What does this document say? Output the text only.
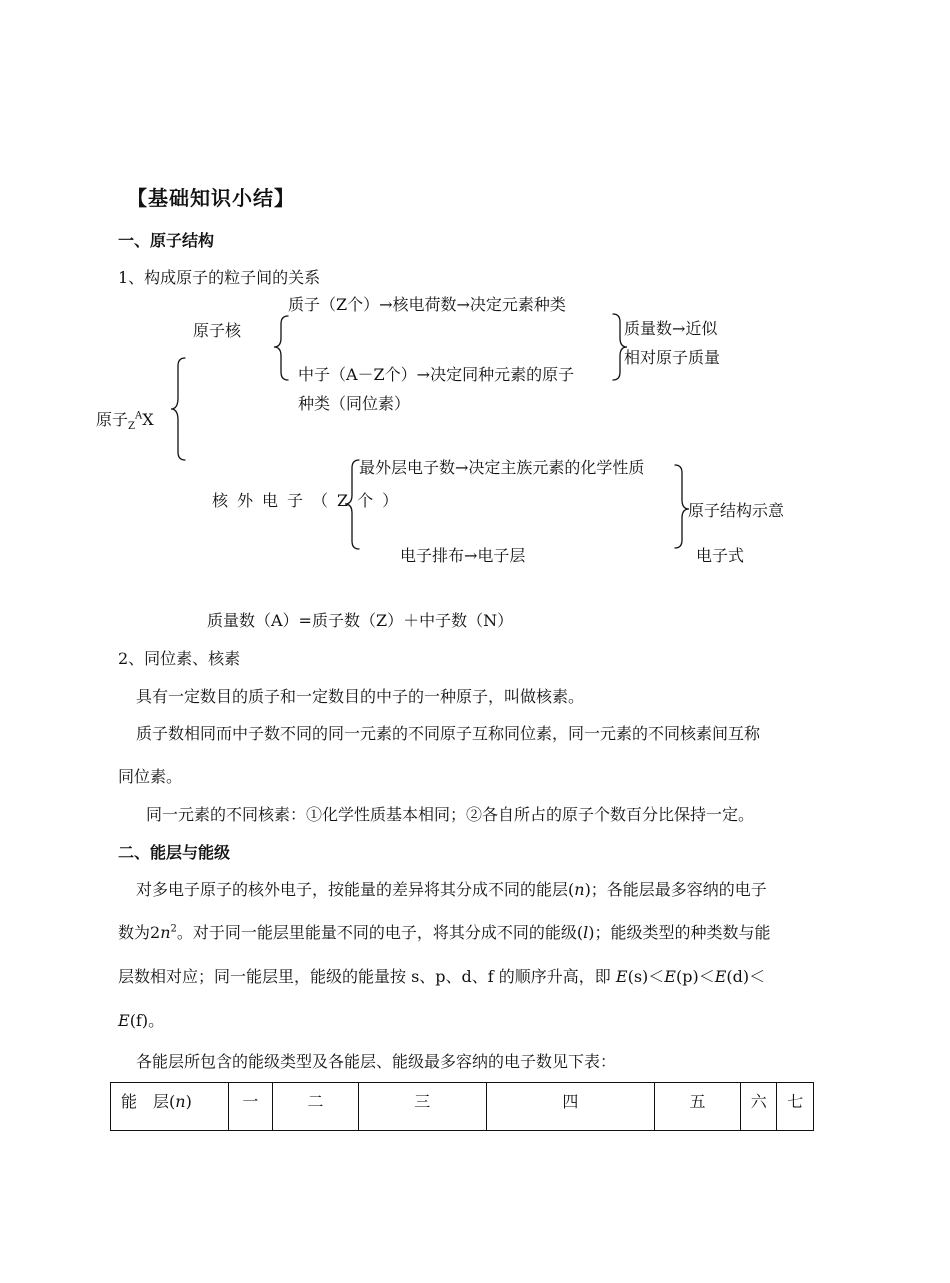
【基础知识小结】
一、原子结构
1、构成原子的粒子间的关系
原子$_Z^A$X
原子核
质子（Z个）→核电荷数→决定元素种类
中子（A－Z个）→决定同种元素的原子
种类（同位素）
质量数→近似
相对原子质量
核外电子（Z个）
最外层电子数→决定主族元素的化学性质
电子排布→电子层
原子结构示意
电子式
质量数（A）=质子数（Z）＋中子数（N）
2、同位素、核素
具有一定数目的质子和一定数目的中子的一种原子，叫做核素。
质子数相同而中子数不同的同一元素的不同原子互称同位素，同一元素的不同核素间互称
同位素。
同一元素的不同核素：①化学性质基本相同；②各自所占的原子个数百分比保持一定。
二、能层与能级
对多电子原子的核外电子，按能量的差异将其分成不同的能层(n)；各能层最多容纳的电子
数为$2n^2$。对于同一能层里能量不同的电子，将其分成不同的能级(l)；能级类型的种类数与能
层数相对应；同一能层里，能级的能量按 s、p、d、f 的顺序升高，即 E(s)＜E(p)＜E(d)＜
E(f)。
各能层所包含的能级类型及各能层、能级最多容纳的电子数见下表：
能　层(n)	一	二	三	四	五	六	七
